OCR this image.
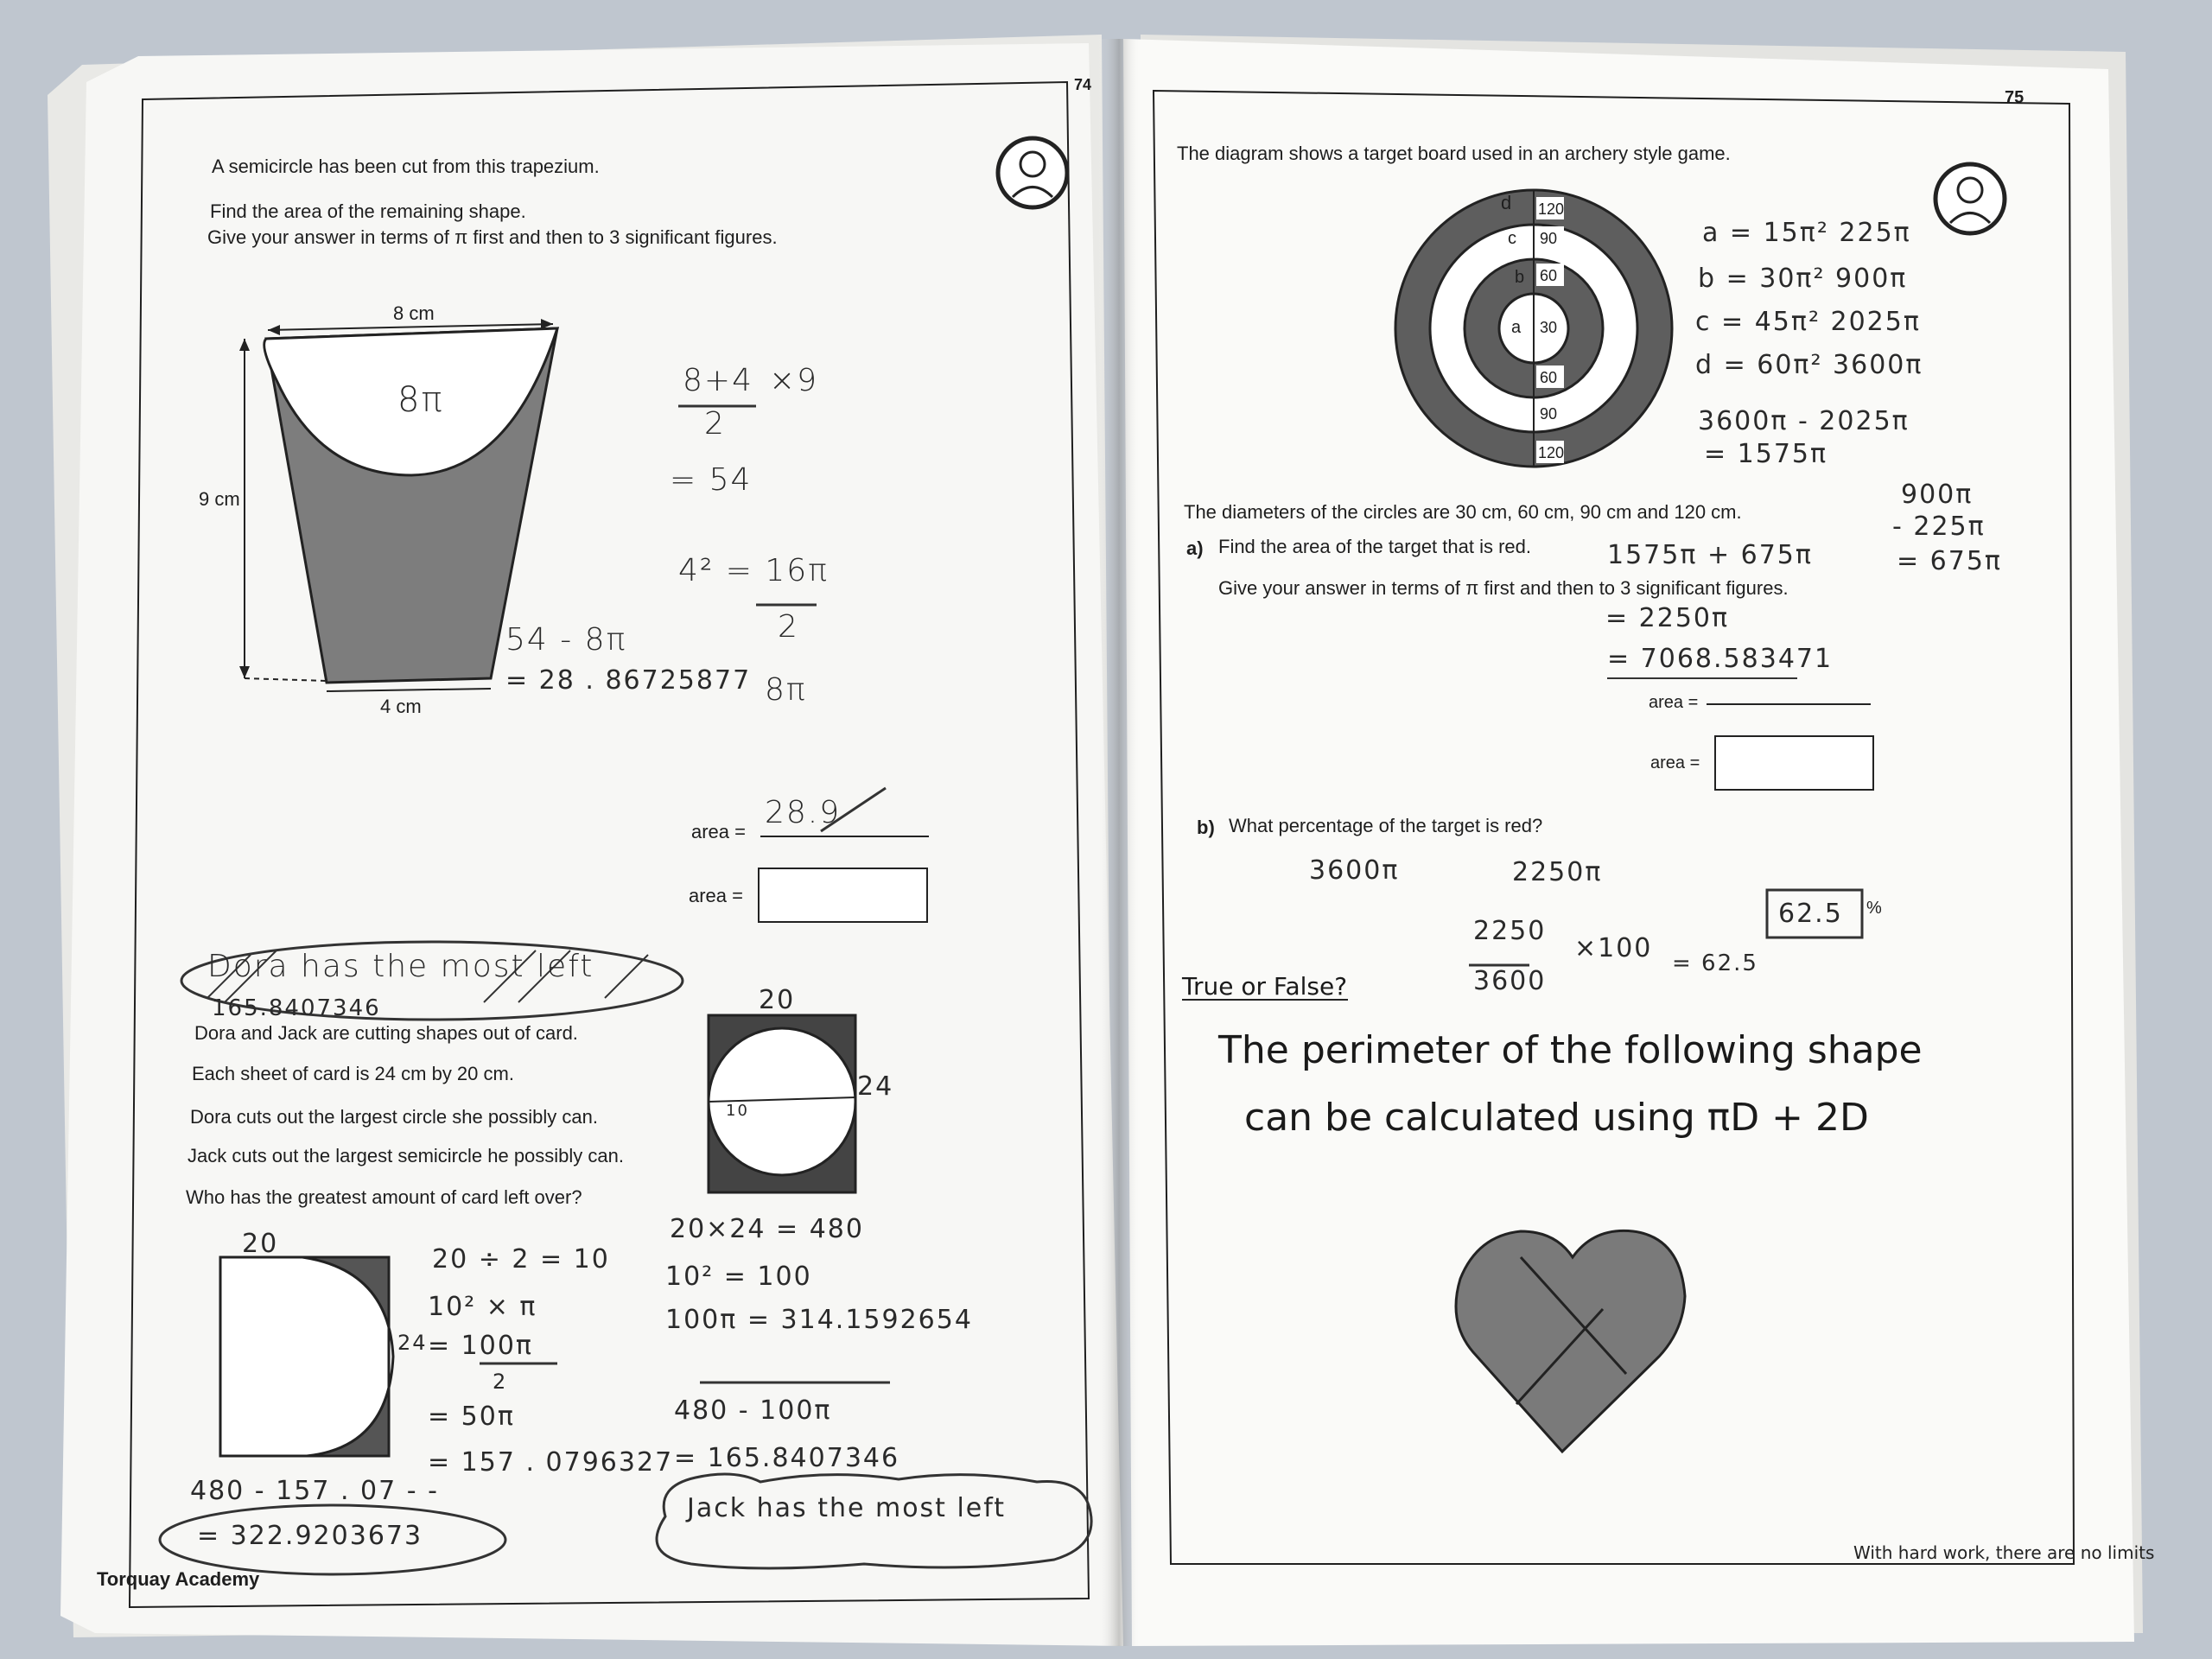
74
A semicircle has been cut from this trapezium.
Find the area of the remaining shape.
Give your answer in terms of π first and then to 3 significant figures.
8 cm
9 cm
4 cm
8π	8+4
2
×9
= 54
4² = 16π
2
54 - 8π
= 28 . 86725877 8π
area =
28.9
area =
Dora has the most left
165.8407346
Dora and Jack are cutting shapes out of card.
Each sheet of card is 24 cm by 20 cm.
Dora cuts out the largest circle she possibly can.
Jack cuts out the largest semicircle he possibly can.
Who has the greatest amount of card left over?
20
24
10
20×24 = 480
10² = 100
100π = 314.1592654
480 - 100π
= 165.8407346
20
24
20 ÷ 2 = 10
10² × π
= 100π
2
= 50π
= 157 . 0796327
480 - 157 . 07 - -
= 322.9203673
Jack has the most left
Torquay Academy
75
The diagram shows a target board used in an archery style game.
d
c
b
a
120
90
60
30
60
90
120
a = 15π² 225π
b = 30π² 900π
c = 45π² 2025π
d = 60π² 3600π
3600π - 2025π
= 1575π
900π
- 225π
= 675π
The diameters of the circles are 30 cm, 60 cm, 90 cm and 120 cm.
a) Find the area of the target that is red.
Give your answer in terms of π first and then to 3 significant figures.
1575π + 675π
= 2250π
= 7068.583471
area =
area =
b) What percentage of the target is red?
3600π	2250π
2250
3600
×100 = 62.5
62.5 %
True or False?
The perimeter of the following shape
can be calculated using πD + 2D
With hard work, there are no limits
